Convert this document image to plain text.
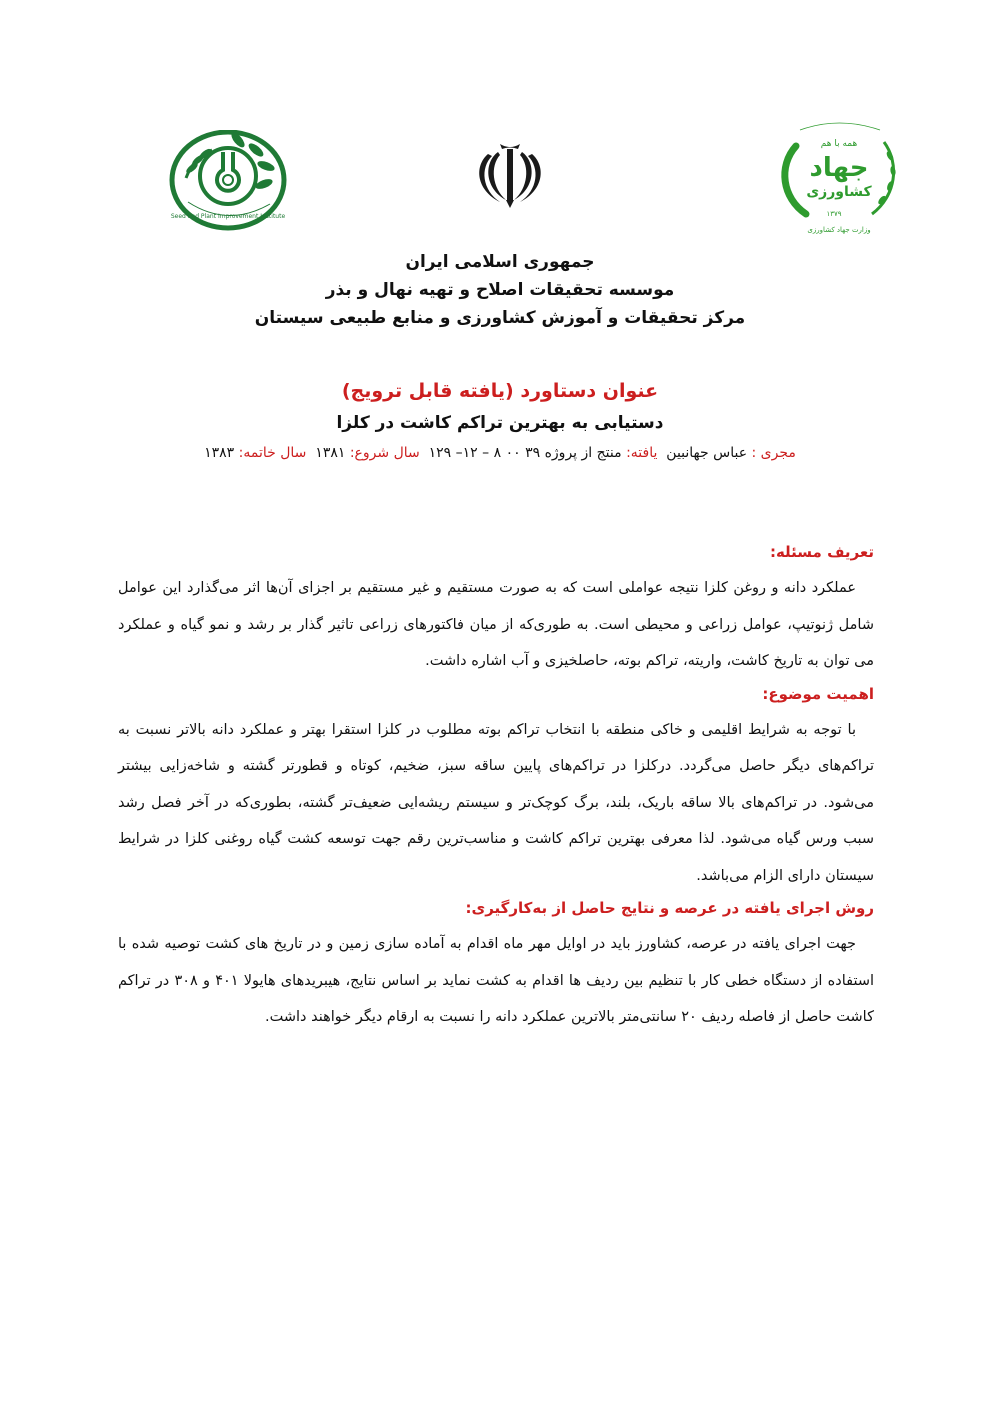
Seed and Plant Improvement Institute
همه با هم
جهاد
کشاورزی
۱۳۷۹
وزارت جهاد کشاورزی
جمهوری اسلامی ایران
موسسه تحقیقات اصلاح و تهیه نهال و بذر
مرکز تحقیقات و آموزش کشاورزی و منابع طبیعی سیستان
عنوان دستاورد (یافته قابل ترویج)
دستیابی به بهترین تراکم کاشت در کلزا
مجری : عباس جهانبین  یافته: منتج از پروژه ۳۹ ۰۰ ۸ – ۱۲– ۱۲۹  سال شروع: ۱۳۸۱  سال خاتمه: ۱۳۸۳
تعریف مسئله:

عملکرد دانه و روغن کلزا نتیجه عواملی است که به صورت مستقیم و غیر مستقیم بر اجزای آن‌ها اثر می‌گذارد این عوامل شامل ژنوتیپ، عوامل زراعی و محیطی است. به طوری‌که از میان فاکتورهای زراعی تاثیر گذار بر رشد و نمو گیاه و عملکرد می توان به تاریخ کاشت، واریته، تراکم بوته، حاصلخیزی و آب اشاره داشت.

اهمیت موضوع:

با توجه به شرایط اقلیمی و خاکی منطقه با انتخاب تراکم بوته مطلوب در کلزا استقرا بهتر و عملکرد دانه بالاتر نسبت به تراکم‌های دیگر حاصل می‌گردد. درکلزا در تراکم‌های پایین ساقه سبز، ضخیم، کوتاه و قطورتر گشته و شاخه‌زایی بیشتر می‌شود. در تراکم‌های بالا ساقه باریک، بلند، برگ کوچک‌تر و سیستم ریشه‌ایی ضعیف‌تر گشته، بطوری‌که در آخر فصل رشد سبب ورس گیاه می‌شود. لذا معرفی بهترین تراکم کاشت و مناسب‌ترین رقم جهت توسعه کشت گیاه روغنی کلزا در شرایط سیستان دارای الزام می‌باشد.

روش اجرای یافته در عرصه و نتایج حاصل از به‌کارگیری:

جهت اجرای یافته در عرصه، کشاورز باید در اوایل مهر ماه اقدام به آماده سازی زمین و در تاریخ های کشت توصیه شده با استفاده از دستگاه خطی کار با تنظیم بین ردیف ها اقدام به کشت نماید بر اساس نتایج، هیبریدهای هایولا ۴۰۱ و ۳۰۸ در تراکم کاشت حاصل از فاصله ردیف ۲۰ سانتی‌متر بالاترین عملکرد دانه را نسبت به ارقام دیگر خواهند داشت.
